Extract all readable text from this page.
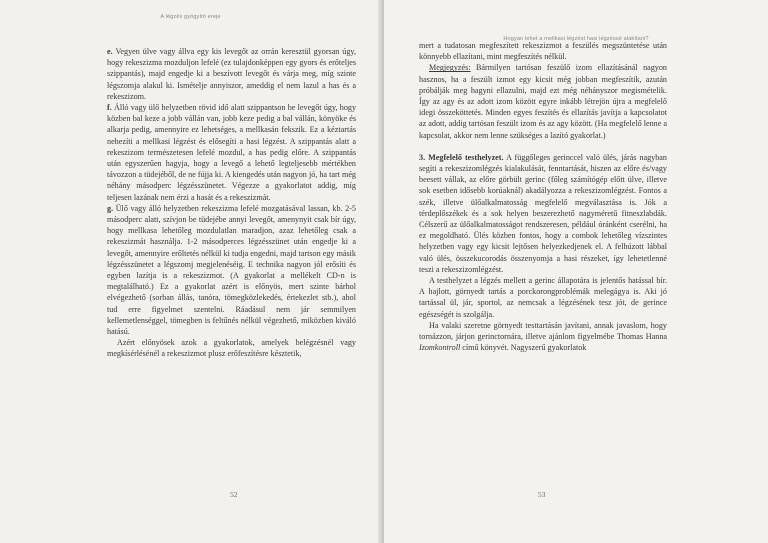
A légzés gyógyító ereje

e. Vegyen ülve vagy állva egy kis levegőt az orrán keresztül gyorsan úgy, hogy rekeszizma mozduljon lefelé (ez tulajdonképpen egy gyors és erőteljes szippantás), majd engedje ki a beszívott levegőt és várja meg, míg szinte légszomja alakul ki. Ismételje annyiszor, ameddig el nem lazul a has és a rekeszizom.

f. Álló vagy ülő helyzetben rövid idő alatt szippantson be levegőt úgy, hogy közben bal keze a jobb vállán van, jobb keze pedig a bal vállán, könyöke és alkarja pedig, amennyire ez lehetséges, a mellkasán fekszik. Ez a kéztartás nehezíti a mellkasi légzést és elősegíti a hasi légzést. A szippantás alatt a rekeszizom természetesen lefelé mozdul, a has pedig előre. A szippantás után egyszerűen hagyja, hogy a levegő a lehető legteljesebb mértékben távozzon a tüdejéből, de ne fújja ki. A kiengedés után nagyon jó, ha tart még néhány másodperc légzésszünetet. Végezze a gyakorlatot addig, míg teljesen lazának nem érzi a hasát és a rekeszizmát.

g. Ülő vagy álló helyzetben rekeszizma lefelé mozgatásával lassan, kb. 2-5 másodperc alatt, szívjon be tüdejébe annyi levegőt, amenynyit csak bír úgy, hogy mellkasa lehetőleg mozdulatlan maradjon, azaz lehetőleg csak a rekeszizmát használja. 1-2 másodperces légzésszünet után engedje ki a levegőt, amennyire erőltetés nélkül ki tudja engedni, majd tartson egy másik légzésszünetet a légszomj megjelenéséig. E technika nagyon jól erősíti és egyben lazítja is a rekeszizmot. (A gyakorlat a mellékelt CD-n is megtalálható.) Ez a gyakorlat azért is előnyös, mert szinte bárhol elvégezhető (sorban állás, tanóra, tömegközlekedés, értekezlet stb.), ahol tud erre figyelmet szentelni. Ráadásul nem jár semmilyen kellemetlenséggel, tömegben is feltűnés nélkül végezhető, miközben kiváló hatású.

Azért előnyösek azok a gyakorlatok, amelyek belégzésnél vagy megkísérlésénél a rekeszizmot plusz erőfeszítésre késztetik,

52
Hogyan lehet a mellkasi légzést hasi légzéssé alakítani?

mert a tudatosan megfeszített rekeszizmot a feszülés megszüntetése után könnyebb ellazítani, mint megfeszítés nélkül.

Megjegyzés: Bármilyen tartósan feszülő izom ellazításánál nagyon hasznos, ha a feszült izmot egy kicsit még jobban megfeszítik, azután próbálják meg hagyni ellazulni, majd ezt még néhányszor megismételik. Így az agy és az adott izom között egyre inkább létrejön újra a megfelelő idegi összeköttetés. Minden egyes feszítés és ellazítás javítja a kapcsolatot az adott, addig tartósan feszült izom és az agy között. (Ha megfelelő lenne a kapcsolat, akkor nem lenne szükséges a lazító gyakorlat.)

3. Megfelelő testhelyzet. A függőleges gerinccel való ülés, járás nagyban segíti a rekeszizomlégzés kialakulását, fenntartását, hiszen az előre és/vagy beesett vállak, az előre görbült gerinc (főleg számítógép előtt ülve, illetve sok esetben idősebb korúaknál) akadályozza a rekeszizomlégzést. Fontos a szék, illetve ülőalkalmatosság megfelelő megválasztása is. Jók a térdeplőszékek és a sok helyen beszerezhető nagyméretű fitneszlabdák. Célszerű az ülőalkalmatosságot rendszeresen, például óránként cserélni, ha ez megoldható. Ülés közben fontos, hogy a combok lehetőleg vízszintes helyzetben vagy egy kicsit lejtősen helyezkedjenek el. A felhúzott lábbal való ülés, összekucorodás összenyomja a hasi részeket, így lehetetlenné teszi a rekeszizomlégzést.

A testhelyzet a légzés mellett a gerinc állapotára is jelentős hatással bír. A hajlott, görnyedt tartás a porckorongproblémák melegágya is. Aki jó tartással ül, jár, sportol, az nemcsak a légzésének tesz jót, de gerince egészségét is szolgálja.

Ha valaki szeretne görnyedt testtartásán javítani, annak javaslom, hogy tornázzon, járjon gerinctornára, illetve ajánlom figyelmébe Thomas Hanna Izomkontroll című könyvét. Nagyszerű gyakorlatok

53
